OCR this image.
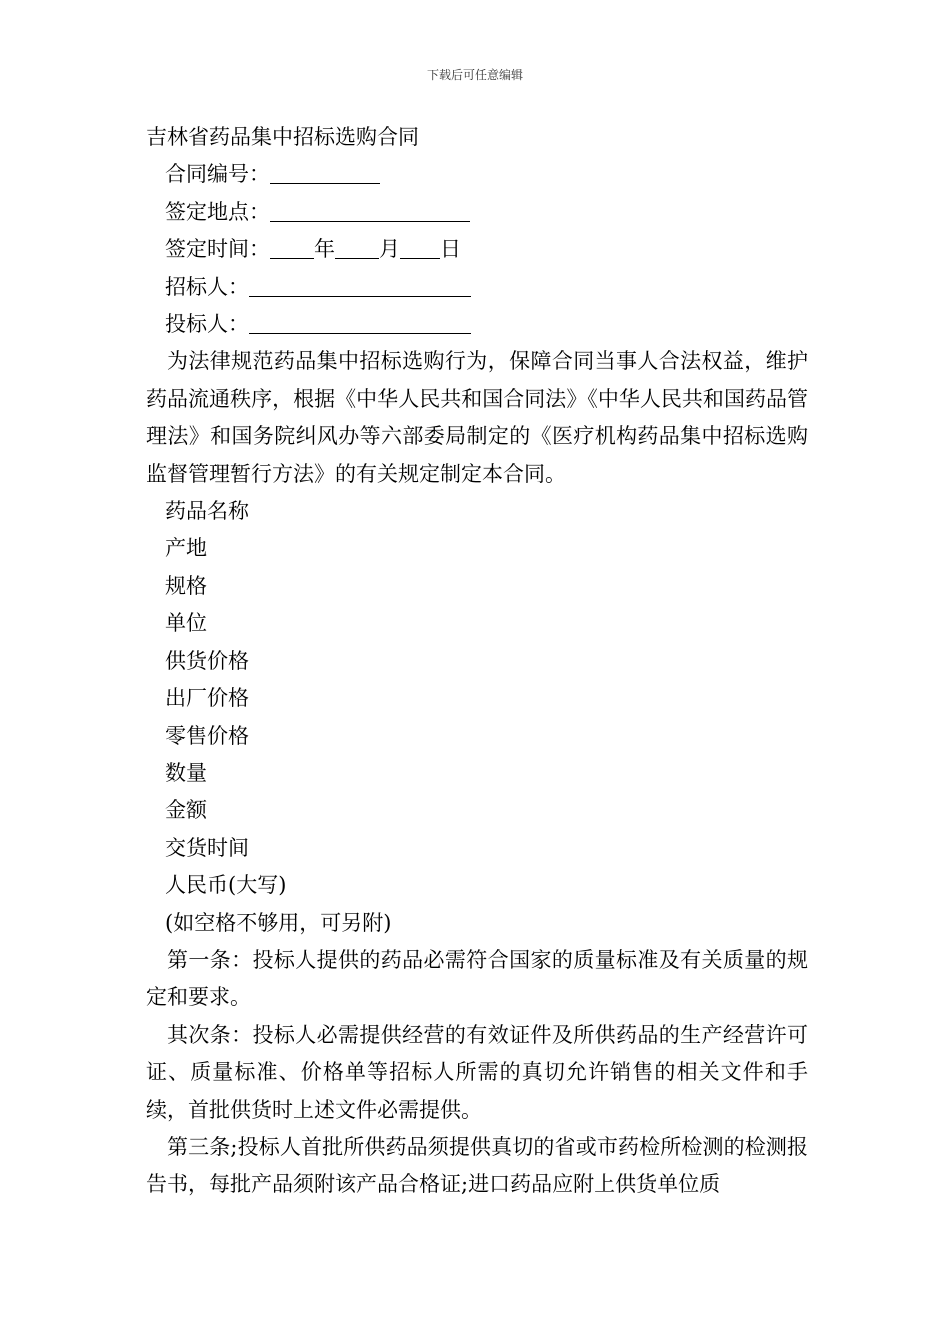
下载后可任意编辑
吉林省药品集中招标选购合同
合同编号：
签定地点：
签定时间： 年 月 日
招标人：
投标人：
为法律规范药品集中招标选购行为，保障合同当事人合法权益，维护药品流通秩序，根据《中华人民共和国合同法》《中华人民共和国药品管理法》和国务院纠风办等六部委局制定的《医疗机构药品集中招标选购监督管理暂行方法》的有关规定制定本合同。
药品名称
产地
规格
单位
供货价格
出厂价格
零售价格
数量
金额
交货时间
人民币(大写)
(如空格不够用，可另附)
第一条：投标人提供的药品必需符合国家的质量标准及有关质量的规定和要求。
其次条：投标人必需提供经营的有效证件及所供药品的生产经营许可证、质量标准、价格单等招标人所需的真切允许销售的相关文件和手续，首批供货时上述文件必需提供。
第三条;投标人首批所供药品须提供真切的省或市药检所检测的检测报告书，每批产品须附该产品合格证;进口药品应附上供货单位质
